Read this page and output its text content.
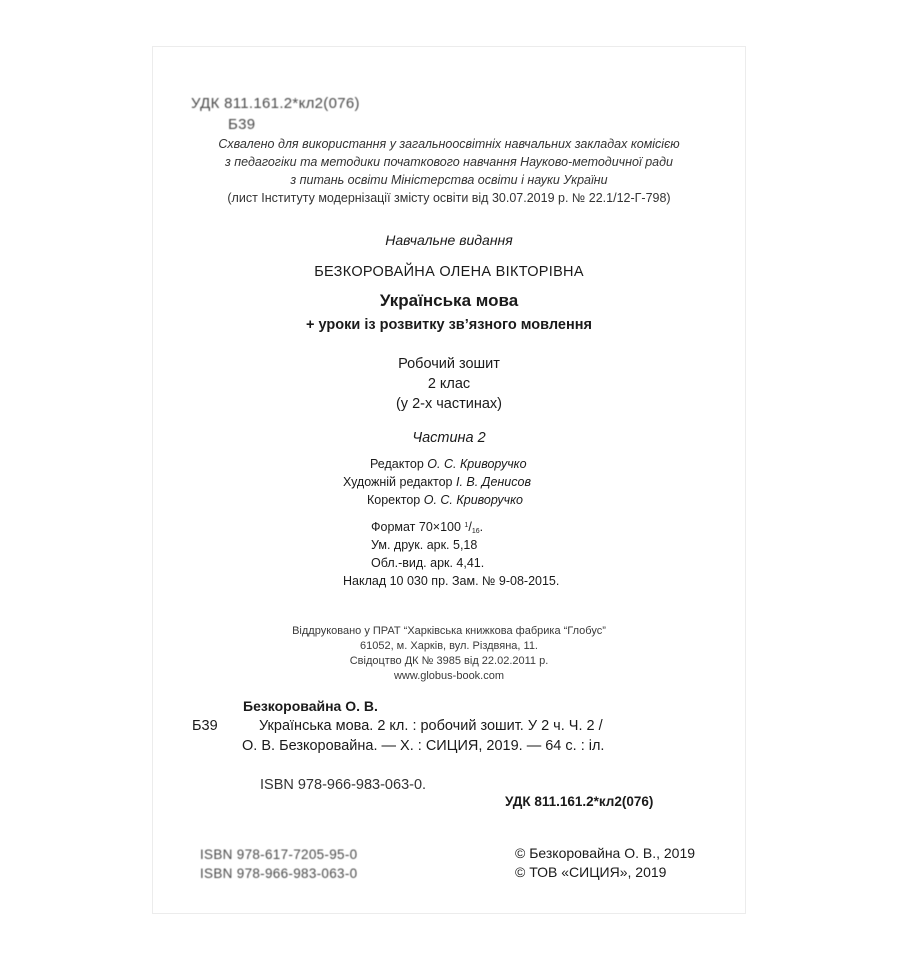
УДК 811.161.2*кл2(076)
Б39
Схвалено для використання у загальноосвітніх навчальних закладах комісією
з педагогіки та методики початкового навчання Науково-методичної ради
з питань освіти Міністерства освіти і науки України
(лист Інституту модернізації змісту освіти від 30.07.2019 р. № 22.1/12-Г-798)
Навчальне видання
БЕЗКОРОВАЙНА ОЛЕНА ВІКТОРІВНА
Українська мова
+ уроки із розвитку зв’язного мовлення
Робочий зошит
2 клас
(у 2-х частинах)
Частина 2
Редактор О. С. Криворучко
Художній редактор І. В. Денисов
Коректор О. С. Криворучко
Формат 70×100 $^1/_{16}$.
Ум. друк. арк. 5,18
Обл.-вид. арк. 4,41.
Наклад 10 030 пр. Зам. № 9-08-2015.
Віддруковано у ПРАТ “Харківська книжкова фабрика “Глобус”
61052, м. Харків, вул. Різдвяна, 11.
Свідоцтво ДК № 3985 від 22.02.2011 р.
www.globus-book.com
Безкоровайна О. В.
Б39	Українська мова. 2 кл. : робочий зошит. У 2 ч. Ч. 2 /
О. В. Безкоровайна. — Х. : СИЦИЯ, 2019. — 64 с. : іл.
ISBN 978-966-983-063-0.
УДК 811.161.2*кл2(076)
ISBN 978-617-7205-95-0
ISBN 978-966-983-063-0
© Безкоровайна О. В., 2019
© ТОВ «СИЦИЯ», 2019
